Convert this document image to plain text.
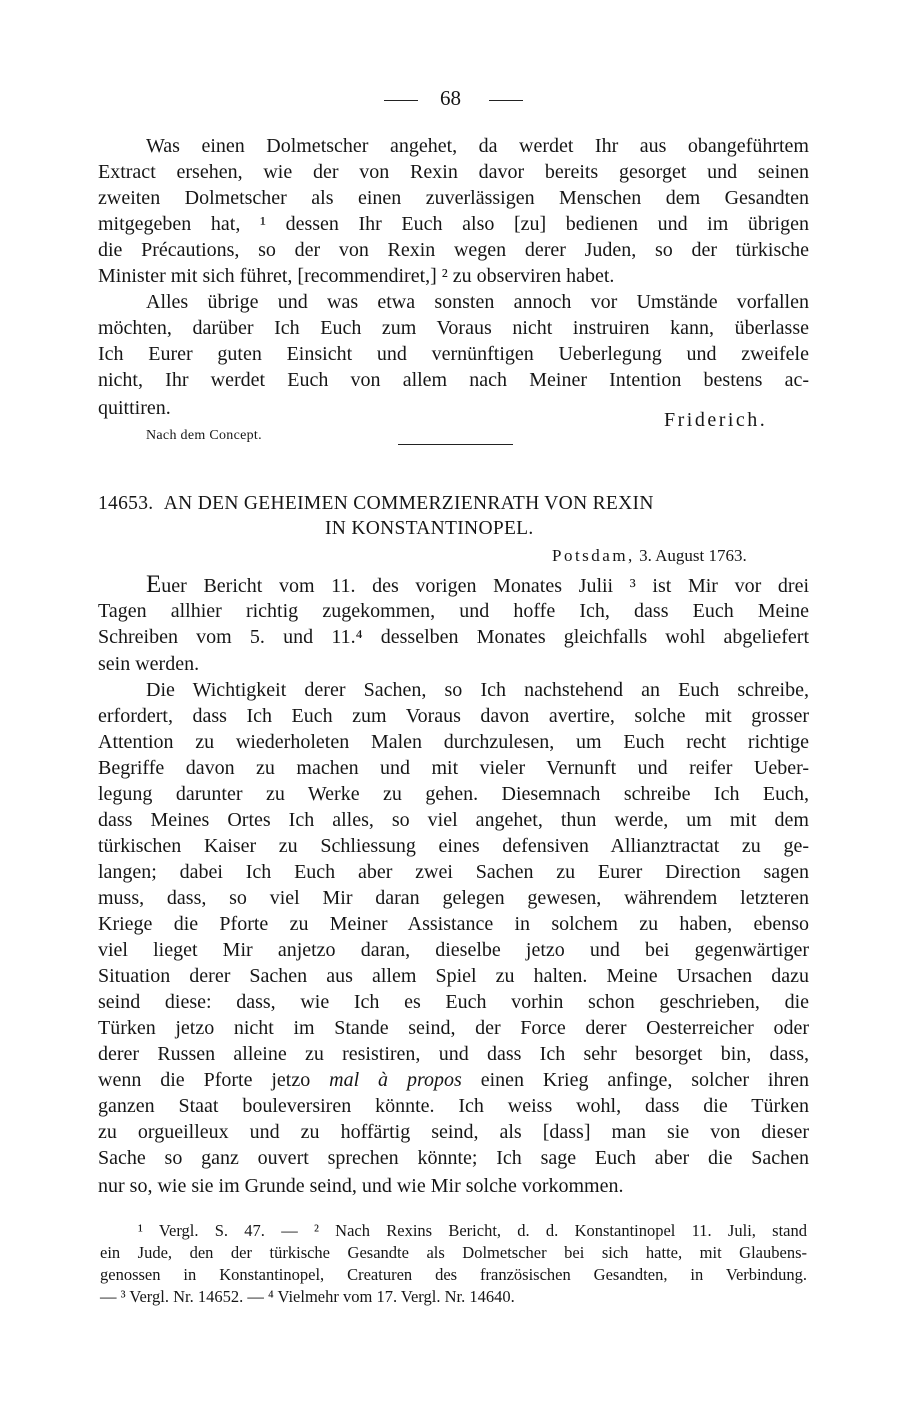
68
Was einen Dolmetscher angehet, da werdet Ihr aus obangeführtem
Extract ersehen, wie der von Rexin davor bereits gesorget und seinen
zweiten Dolmetscher als einen zuverlässigen Menschen dem Gesandten
mitgegeben hat, ¹ dessen Ihr Euch also [zu] bedienen und im übrigen
die Précautions, so der von Rexin wegen derer Juden, so der türkische
Minister mit sich führet, [recommendiret,] ² zu observiren habet.
Alles übrige und was etwa sonsten annoch vor Umstände vorfallen
möchten, darüber Ich Euch zum Voraus nicht instruiren kann, überlasse
Ich Eurer guten Einsicht und vernünftigen Ueberlegung und zweifele
nicht, Ihr werdet Euch von allem nach Meiner Intention bestens ac-
quittiren.
Friderich.
Nach dem Concept.
14653. AN DEN GEHEIMEN COMMERZIENRATH VON REXIN
IN KONSTANTINOPEL.
Potsdam, 3. August 1763.
Euer Bericht vom 11. des vorigen Monates Julii ³ ist Mir vor drei
Tagen allhier richtig zugekommen, und hoffe Ich, dass Euch Meine
Schreiben vom 5. und 11.⁴ desselben Monates gleichfalls wohl abgeliefert
sein werden.
Die Wichtigkeit derer Sachen, so Ich nachstehend an Euch schreibe,
erfordert, dass Ich Euch zum Voraus davon avertire, solche mit grosser
Attention zu wiederholeten Malen durchzulesen, um Euch recht richtige
Begriffe davon zu machen und mit vieler Vernunft und reifer Ueber-
legung darunter zu Werke zu gehen. Diesemnach schreibe Ich Euch,
dass Meines Ortes Ich alles, so viel angehet, thun werde, um mit dem
türkischen Kaiser zu Schliessung eines defensiven Allianztractat zu ge-
langen; dabei Ich Euch aber zwei Sachen zu Eurer Direction sagen
muss, dass, so viel Mir daran gelegen gewesen, währendem letzteren
Kriege die Pforte zu Meiner Assistance in solchem zu haben, ebenso
viel lieget Mir anjetzo daran, dieselbe jetzo und bei gegenwärtiger
Situation derer Sachen aus allem Spiel zu halten. Meine Ursachen dazu
seind diese: dass, wie Ich es Euch vorhin schon geschrieben, die
Türken jetzo nicht im Stande seind, der Force derer Oesterreicher oder
derer Russen alleine zu resistiren, und dass Ich sehr besorget bin, dass,
wenn die Pforte jetzo mal à propos einen Krieg anfinge, solcher ihren
ganzen Staat bouleversiren könnte. Ich weiss wohl, dass die Türken
zu orgueilleux und zu hoffärtig seind, als [dass] man sie von dieser
Sache so ganz ouvert sprechen könnte; Ich sage Euch aber die Sachen
nur so, wie sie im Grunde seind, und wie Mir solche vorkommen.
¹ Vergl. S. 47. — ² Nach Rexins Bericht, d. d. Konstantinopel 11. Juli, stand
ein Jude, den der türkische Gesandte als Dolmetscher bei sich hatte, mit Glaubens-
genossen in Konstantinopel, Creaturen des französischen Gesandten, in Verbindung.
— ³ Vergl. Nr. 14652. — ⁴ Vielmehr vom 17. Vergl. Nr. 14640.
